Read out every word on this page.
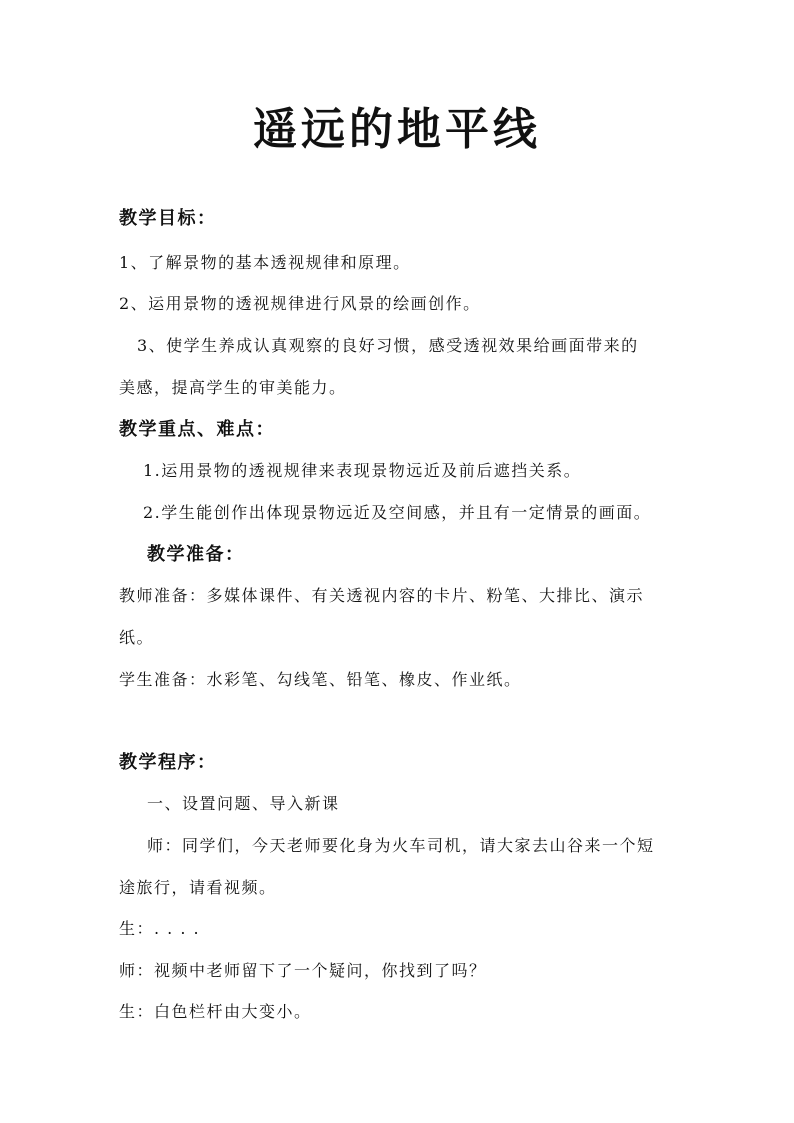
遥远的地平线
教学目标：
1、了解景物的基本透视规律和原理。
2、运用景物的透视规律进行风景的绘画创作。
3、使学生养成认真观察的良好习惯，感受透视效果给画面带来的
美感，提高学生的审美能力。
教学重点、难点：
1.运用景物的透视规律来表现景物远近及前后遮挡关系。
2.学生能创作出体现景物远近及空间感，并且有一定情景的画面。
教学准备：
教师准备：多媒体课件、有关透视内容的卡片、粉笔、大排比、演示
纸。
学生准备：水彩笔、勾线笔、铅笔、橡皮、作业纸。
教学程序：
一、设置问题、导入新课
师：同学们，今天老师要化身为火车司机，请大家去山谷来一个短
途旅行，请看视频。
生：. . . .
师：视频中老师留下了一个疑问，你找到了吗？
生：白色栏杆由大变小。
